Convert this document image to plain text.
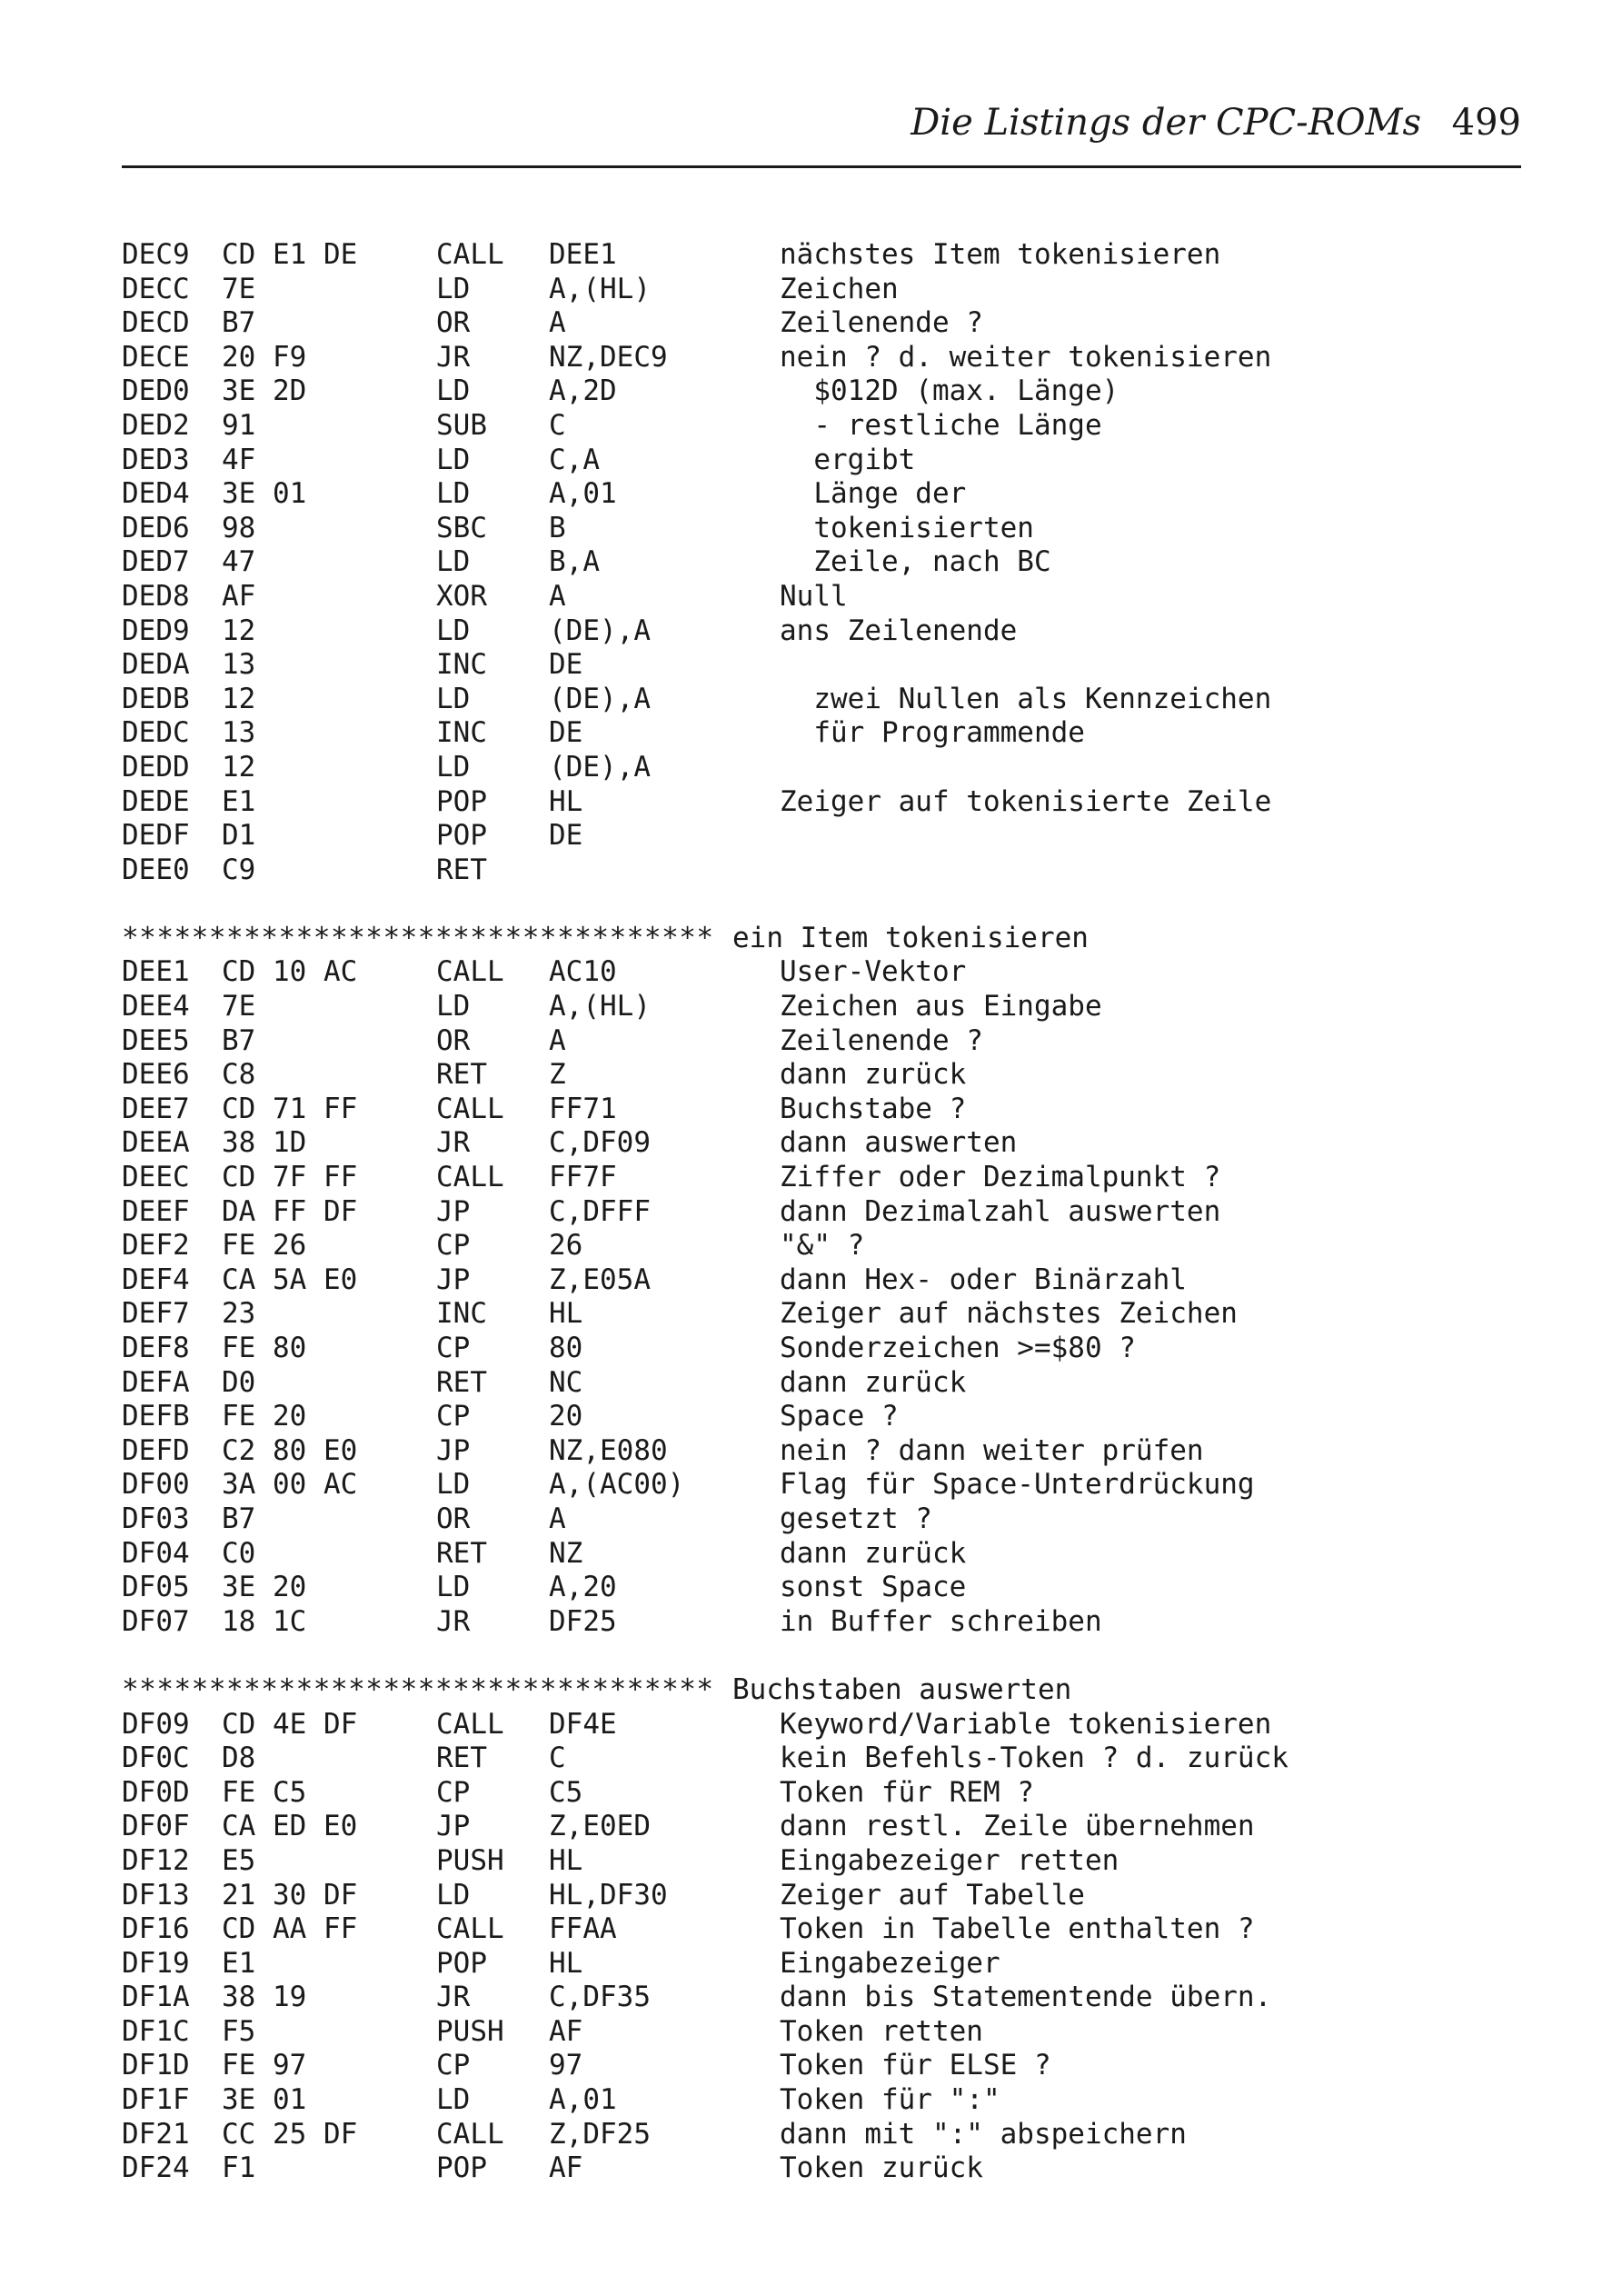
Die Listings der CPC-ROMs 499
DEC9 CD E1 DE	CALL DEE1	nächstes Item tokenisieren
DECC 7E	LD	A,(HL)	Zeichen
DECD B7	OR	A	Zeilenende ?
DECE 20 F9	JR	NZ,DEC9	nein ? d. weiter tokenisieren
DED0 3E 2D	LD	A,2D	$012D (max. Länge)
DED2 91	SUB C	- restliche Länge
DED3 4F	LD	C,A	ergibt
DED4 3E 01	LD	A,01	Länge der
DED6 98	SBC B	tokenisierten
DED7 47	LD	B,A	Zeile, nach BC
DED8 AF	XOR A	Null
DED9 12	LD	(DE),A	ans Zeilenende
DEDA 13	INC DE
DEDB 12	LD	(DE),A	zwei Nullen als Kennzeichen
DEDC 13	INC DE	für Programmende
DEDD 12	LD	(DE),A
DEDE E1	POP HL	Zeiger auf tokenisierte Zeile
DEDF D1	POP DE
DEE0 C9	RET

**********************************

ein Item tokenisieren

DEE1 CD 10 AC	CALL AC10	User-Vektor
DEE4 7E	LD	A,(HL)	Zeichen aus Eingabe
DEE5 B7	OR	A	Zeilenende ?
DEE6 C8	RET Z	dann zurück
DEE7 CD 71 FF	CALL FF71	Buchstabe ?
DEEA 38 1D	JR	C,DF09	dann auswerten
DEEC CD 7F FF	CALL FF7F	Ziffer oder Dezimalpunkt ?
DEEF DA FF DF	JP	C,DFFF	dann Dezimalzahl auswerten
DEF2 FE 26	CP	26	"&" ?
DEF4 CA 5A E0	JP	Z,E05A	dann Hex- oder Binärzahl
DEF7 23	INC HL	Zeiger auf nächstes Zeichen
DEF8 FE 80	CP	80	Sonderzeichen >=$80 ?
DEFA D0	RET NC	dann zurück
DEFB FE 20	CP	20	Space ?
DEFD C2 80 E0	JP	NZ,E080	nein ? dann weiter prüfen
DF00 3A 00 AC	LD	A,(AC00)	Flag für Space-Unterdrückung
DF03 B7	OR	A	gesetzt ?
DF04 C0	RET NZ	dann zurück
DF05 3E 20	LD	A,20	sonst Space
DF07 18 1C	JR	DF25	in Buffer schreiben

**********************************

Buchstaben auswerten

DF09 CD 4E DF	CALL DF4E	Keyword/Variable tokenisieren
DF0C D8	RET C	kein Befehls-Token ? d. zurück
DF0D FE C5	CP	C5	Token für REM ?
DF0F CA ED E0	JP	Z,E0ED	dann restl. Zeile übernehmen
DF12 E5	PUSH HL	Eingabezeiger retten
DF13 21 30 DF	LD	HL,DF30	Zeiger auf Tabelle
DF16 CD AA FF	CALL FFAA	Token in Tabelle enthalten ?
DF19 E1	POP HL	Eingabezeiger
DF1A 38 19	JR	C,DF35	dann bis Statementende übern.
DF1C F5	PUSH AF	Token retten
DF1D FE 97	CP	97	Token für ELSE ?
DF1F 3E 01	LD	A,01	Token für ":"
DF21 CC 25 DF	CALL Z,DF25	dann mit ":" abspeichern
DF24 F1	POP AF	Token zurück
